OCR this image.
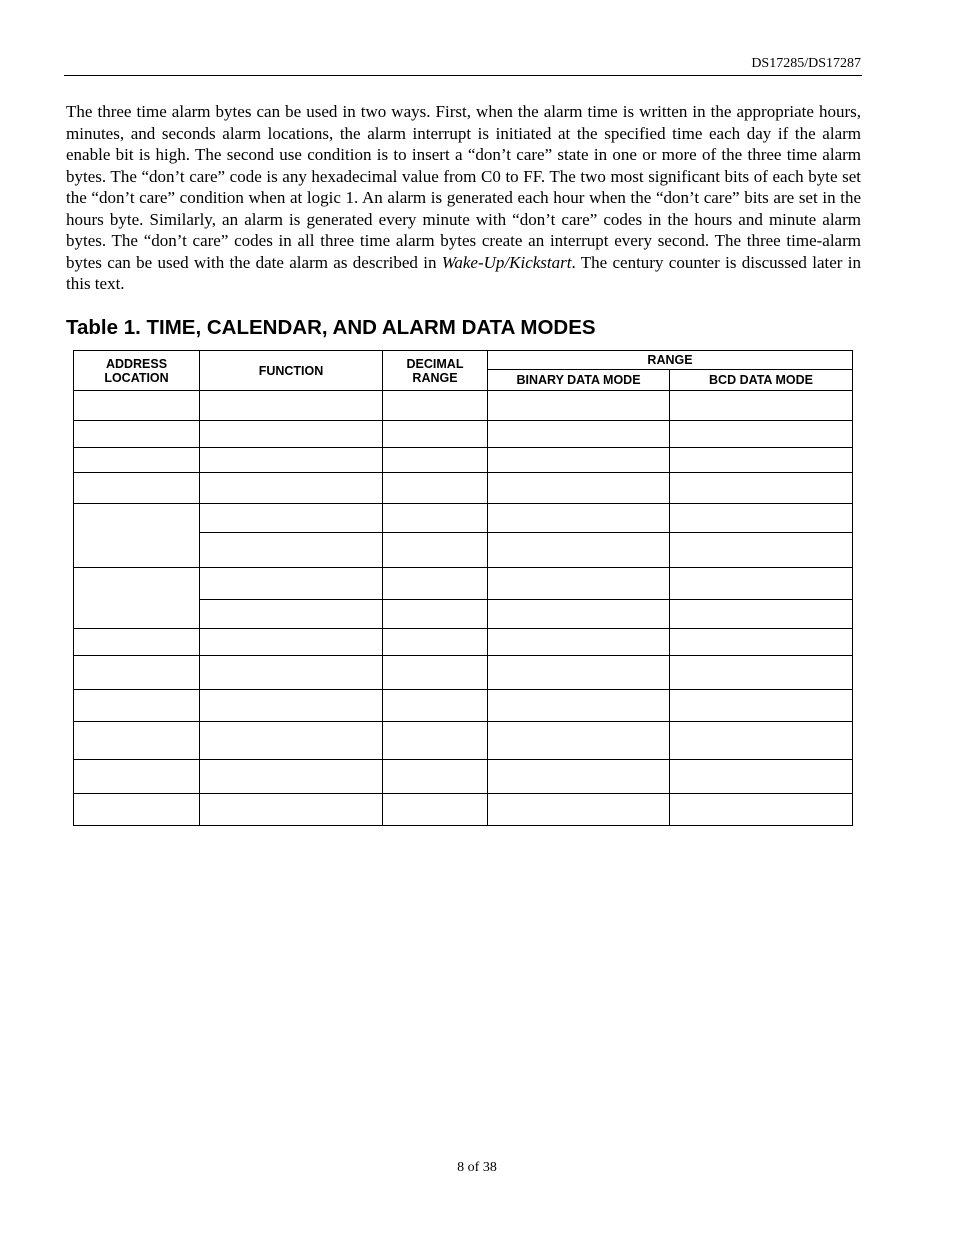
DS17285/DS17287

The three time alarm bytes can be used in two ways. First, when the alarm time is written in the appropriate hours, minutes, and seconds alarm locations, the alarm interrupt is initiated at the specified time each day if the alarm enable bit is high. The second use condition is to insert a “don’t care” state in one or more of the three time alarm bytes. The “don’t care” code is any hexadecimal value from C0 to FF. The two most significant bits of each byte set the “don’t care” condition when at logic 1. An alarm is generated each hour when the “don’t care” bits are set in the hours byte. Similarly, an alarm is generated every minute with “don’t care” codes in the hours and minute alarm bytes. The “don’t care” codes in all three time alarm bytes create an interrupt every second. The three time-alarm bytes can be used with the date alarm as described in Wake-Up/Kickstart. The century counter is discussed later in this text.

Table 1. TIME, CALENDAR, AND ALARM DATA MODES
ADDRESS LOCATION	FUNCTION	DECIMAL RANGE	RANGE	
			BINARY DATA MODE	BCD DATA MODE

8 of 38
